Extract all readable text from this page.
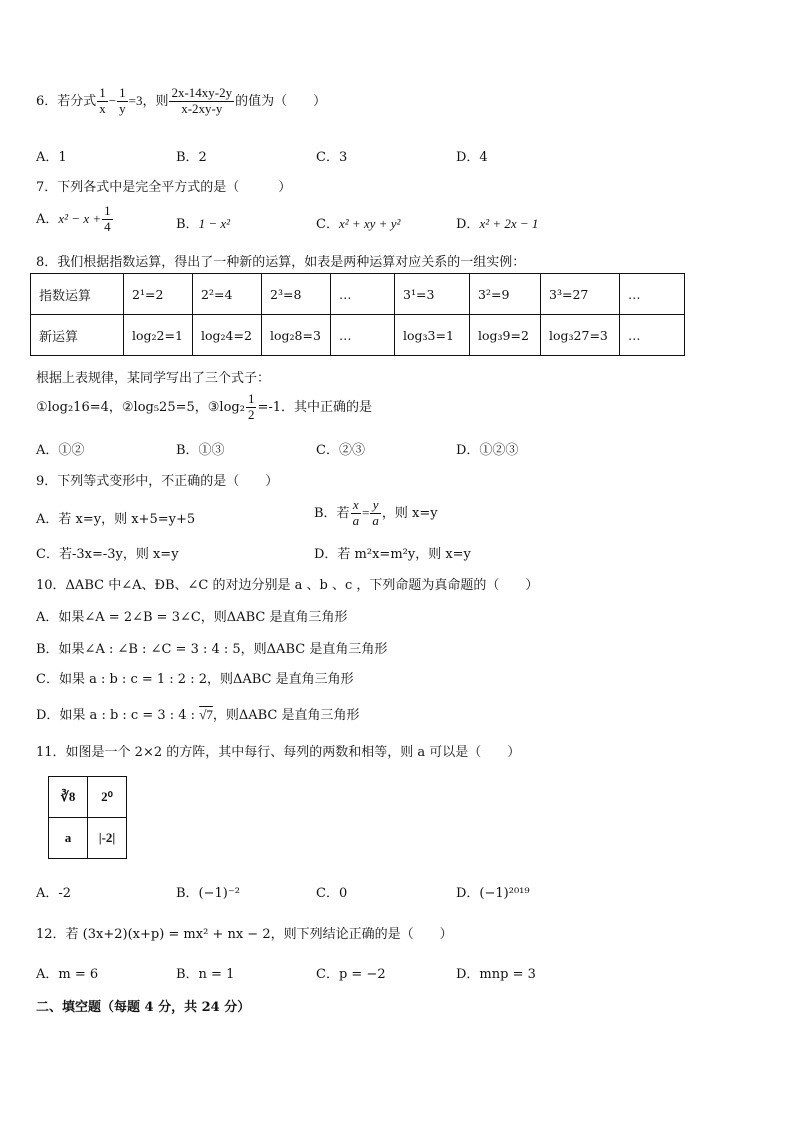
6．若分式 $\frac{1}{x} - \frac{1}{y} =3$，则 $\frac{2x-14xy-2y}{x-2xy-y}$ 的值为（　　）
A．1	B．2	C．3	D．4
7．下列各式中是完全平方式的是（　　　）
A．$x^2 - x + \frac{1}{4}$	B．1 − x²	C．x² + xy + y²	D．x² + 2x − 1
8．我们根据指数运算，得出了一种新的运算，如表是两种运算对应关系的一组实例：
指数运算	2¹=2	2²=4	2³=8	…	3¹=3	3²=9	3³=27	…
新运算	log₂2=1	log₂4=2	log₂8=3	…	log₃3=1	log₃9=2	log₃27=3	…
根据上表规律，某同学写出了三个式子：
①log₂16=4，②log₅25=5，③log₂ $\frac{1}{2} =-1$．其中正确的是
A．①②	B．①③	C．②③	D．①②③
9．下列等式变形中，不正确的是（　　）
A．若 x=y，则 x+5=y+5	B．若 $\frac{x}{a} = \frac{y}{a}$ ，则 x=y
C．若-3x=-3y，则 x=y	D．若 m²x=m²y，则 x=y
10．ΔABC 中∠A、ÐB、∠C 的对边分别是 a 、b 、c ，下列命题为真命题的（　　）
A．如果∠A = 2∠B = 3∠C，则ΔABC 是直角三角形
B．如果∠A : ∠B : ∠C = 3 : 4 : 5，则ΔABC 是直角三角形
C．如果 a : b : c = 1 : 2 : 2，则ΔABC 是直角三角形
D．如果 a : b : c = 3 : 4 : √7，则ΔABC 是直角三角形
11．如图是一个 2×2 的方阵，其中每行、每列的两数和相等，则 a 可以是（　　）
∛8	2⁰
a	|-2|
A．-2	B．(−1)⁻²	C．0	D．(−1)²⁰¹⁹
12．若 (3x+2)(x+p) = mx² + nx − 2，则下列结论正确的是（　　）
A．m = 6	B．n = 1	C．p = −2	D．mnp = 3
二、填空题（每题 4 分，共 24 分）
